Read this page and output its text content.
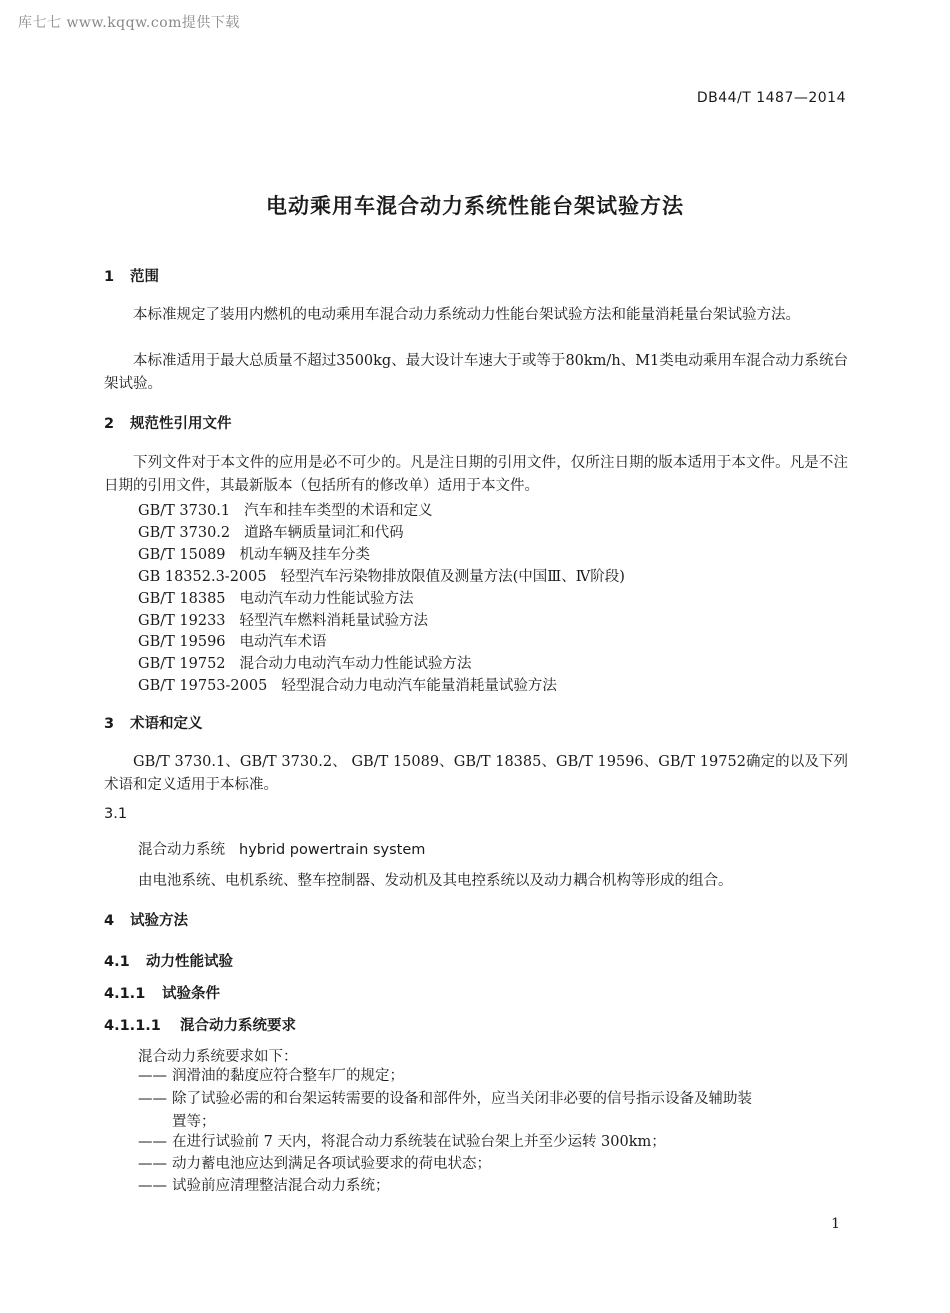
库七七 www.kqqw.com提供下载
DB44/T 1487—2014
电动乘用车混合动力系统性能台架试验方法
1 范围

本标准规定了装用内燃机的电动乘用车混合动力系统动力性能台架试验方法和能量消耗量台架试验方法。

本标准适用于最大总质量不超过3500kg、最大设计车速大于或等于80km/h、M1类电动乘用车混合动力系统台架试验。

2 规范性引用文件

下列文件对于本文件的应用是必不可少的。凡是注日期的引用文件，仅所注日期的版本适用于本文件。凡是不注日期的引用文件，其最新版本（包括所有的修改单）适用于本文件。

GB/T 3730.1 汽车和挂车类型的术语和定义
GB/T 3730.2 道路车辆质量词汇和代码
GB/T 15089 机动车辆及挂车分类
GB 18352.3-2005 轻型汽车污染物排放限值及测量方法(中国Ⅲ、Ⅳ阶段)
GB/T 18385 电动汽车动力性能试验方法
GB/T 19233 轻型汽车燃料消耗量试验方法
GB/T 19596 电动汽车术语
GB/T 19752 混合动力电动汽车动力性能试验方法
GB/T 19753-2005 轻型混合动力电动汽车能量消耗量试验方法
3 术语和定义

GB/T 3730.1、GB/T 3730.2、 GB/T 15089、GB/T 18385、GB/T 19596、GB/T 19752确定的以及下列术语和定义适用于本标准。

3.1
混合动力系统 hybrid powertrain system
由电池系统、电机系统、整车控制器、发动机及其电控系统以及动力耦合机构等形成的组合。
4 试验方法
4.1 动力性能试验
4.1.1 试验条件
4.1.1.1 混合动力系统要求
混合动力系统要求如下：
—— 润滑油的黏度应符合整车厂的规定；
—— 除了试验必需的和台架运转需要的设备和部件外，应当关闭非必要的信号指示设备及辅助装
置等；
—— 在进行试验前 7 天内，将混合动力系统装在试验台架上并至少运转 300km；
—— 动力蓄电池应达到满足各项试验要求的荷电状态；
—— 试验前应清理整洁混合动力系统；
1
